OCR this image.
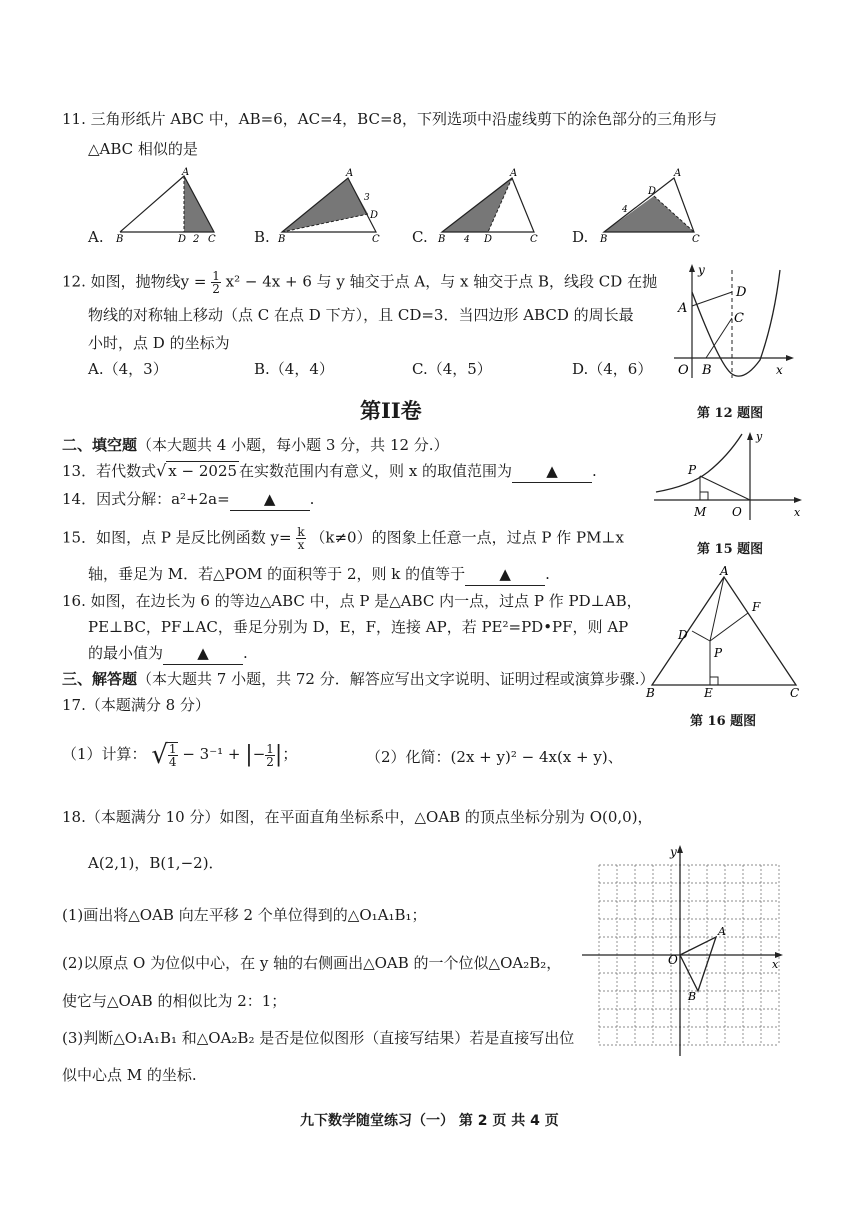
11. 三角形纸片 ABC 中，AB=6，AC=4，BC=8，下列选项中沿虚线剪下的涂色部分的三角形与
△ABC 相似的是
A.
A
B	D 2 C	B.
A
3
D
B	C C.
A
B 4 D	C D.
A
D
4
B	C
12. 如图，抛物线$y = \frac{1}{2} x^2 - 4x + 6$ 与 y 轴交于点 A，与 x 轴交于点 B，线段 CD 在抛
物线的对称轴上移动（点 C 在点 D 下方），且 CD=3．当四边形 ABCD 的周长最
小时，点 D 的坐标为
A.（4，3）	B.（4，4）	C.（4，5）	D.（4，6）
y
A
D
C
O B	x
第 12 题图
第II卷
二、填空题（本大题共 4 小题，每小题 3 分，共 12 分.）
13．若代数式√ x − 2025 在实数范围内有意义，则 x 的取值范围为 ▲ .
14．因式分解：a²+2a= ▲ .
15．如图，点 P 是反比例函数 $y= \frac{k}{x} (k\ne 0)$的图象上任意一点，过点 P 作 PM⊥x
轴，垂足为 M．若△POM 的面积等于 2，则 k 的值等于 ▲ .
y
P
M O	x
第 15 题图
16. 如图，在边长为 6 的等边△ABC 中，点 P 是△ABC 内一点，过点 P 作 PD⊥AB，
PE⊥BC，PF⊥AC，垂足分别为 D，E，F，连接 AP，若 PE²=PD•PF，则 AP
的最小值为 ▲ .
A
D
F
P
B	E	C
第 16 题图
三、解答题（本大题共 7 小题，共 72 分．解答应写出文字说明、证明过程或演算步骤.）
17.（本题满分 8 分）
（1）计算： √ $\frac{1}{4} - 3^{-1}$ + |− $\frac{1}{2}$ |；	（2）化简：(2x + y)² − 4x(x + y)、
18.（本题满分 10 分）如图，在平面直角坐标系中，△OAB 的顶点坐标分别为 O(0,0)，
A(2,1)，B(1,−2)．
(1)画出将△OAB 向左平移 2 个单位得到的△O₁A₁B₁；
(2)以原点 O 为位似中心，在 y 轴的右侧画出△OAB 的一个位似△OA₂B₂，
使它与△OAB 的相似比为 2：1；
(3)判断△O₁A₁B₁ 和△OA₂B₂ 是否是位似图形（直接写结果）若是直接写出位
似中心点 M 的坐标.
y
A
O
B
x
九下数学随堂练习（一） 第 2 页 共 4 页
